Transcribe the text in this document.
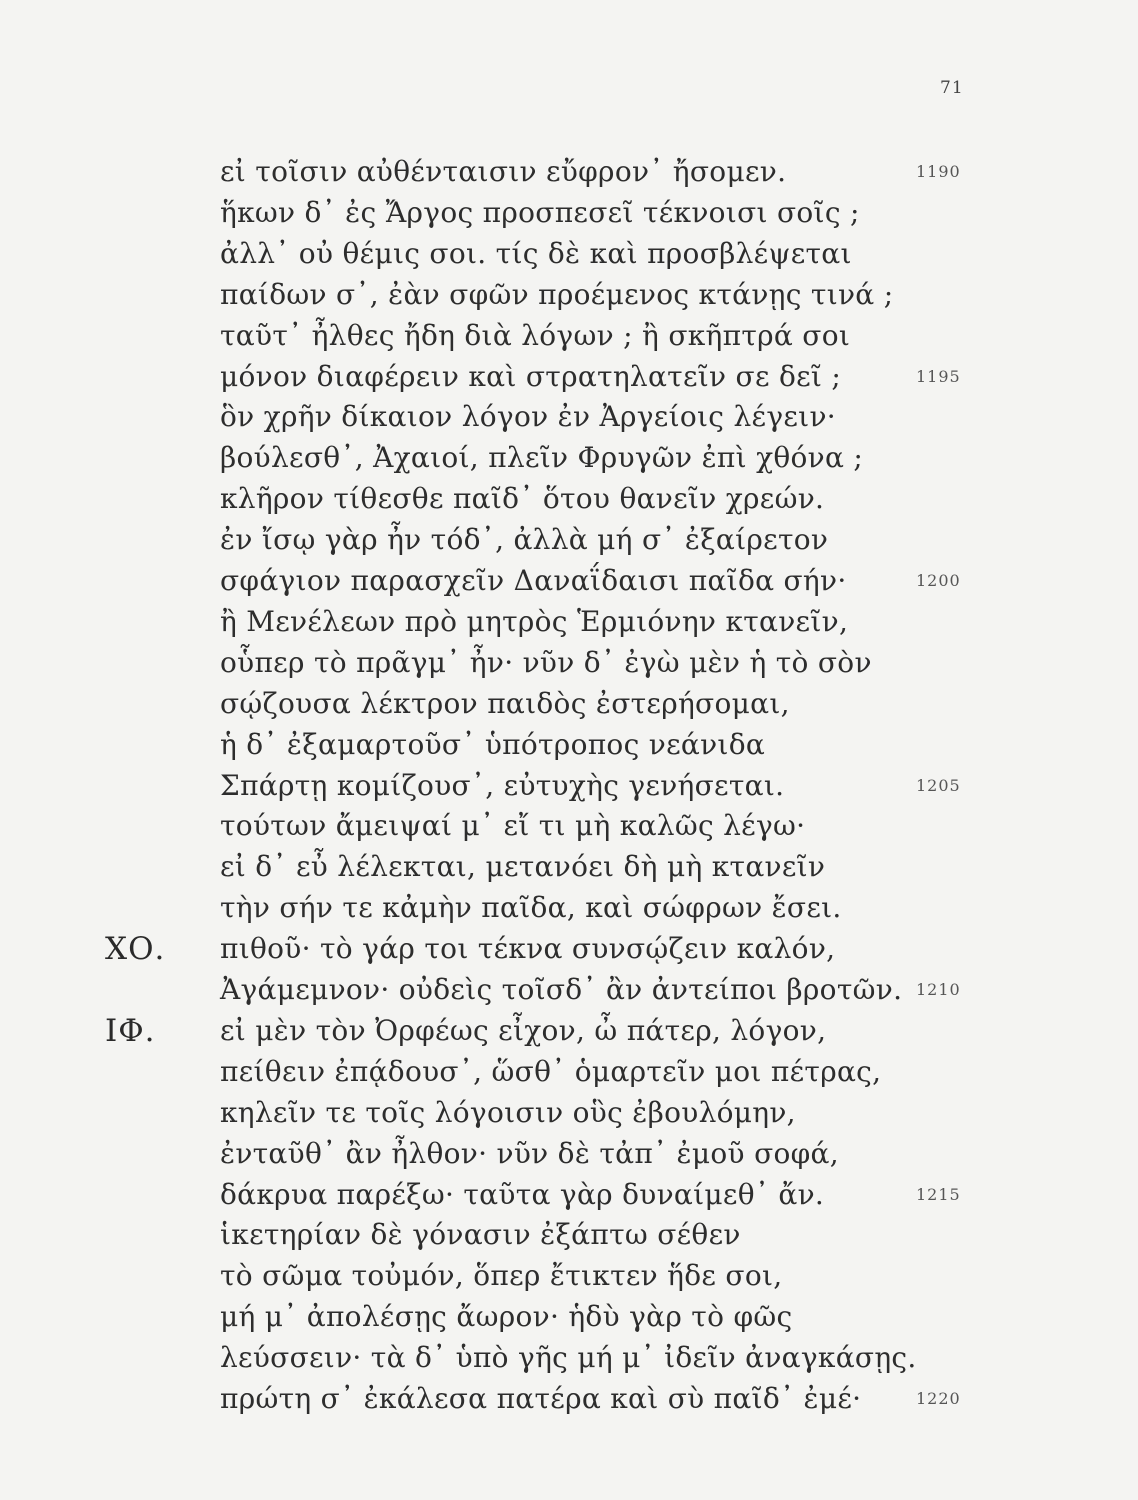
71
εἰ τοῖσιν αὐθένταισιν εὔφρον᾽ ἤσομεν.	1190
ἥκων δ᾽ ἐς Ἄργος προσπεσεῖ τέκνοισι σοῖς ;
ἀλλ᾽ οὐ θέμις σοι. τίς δὲ καὶ προσβλέψεται
παίδων σ᾽, ἐὰν σφῶν προέμενος κτάνῃς τινά ;
ταῦτ᾽ ἦλθες ἤδη διὰ λόγων ; ἢ σκῆπτρά σοι
μόνον διαφέρειν καὶ στρατηλατεῖν σε δεῖ ;	1195
ὃν χρῆν δίκαιον λόγον ἐν Ἀργείοις λέγειν·
βούλεσθ᾽, Ἀχαιοί, πλεῖν Φρυγῶν ἐπὶ χθόνα ;
κλῆρον τίθεσθε παῖδ᾽ ὅτου θανεῖν χρεών.
ἐν ἴσῳ γὰρ ἦν τόδ᾽, ἀλλὰ μή σ᾽ ἐξαίρετον
σφάγιον παρασχεῖν Δαναΐδαισι παῖδα σήν·	1200
ἢ Μενέλεων πρὸ μητρὸς Ἑρμιόνην κτανεῖν,
οὗπερ τὸ πρᾶγμ᾽ ἦν· νῦν δ᾽ ἐγὼ μὲν ἡ τὸ σὸν
σῴζουσα λέκτρον παιδὸς ἐστερήσομαι,
ἡ δ᾽ ἐξαμαρτοῦσ᾽ ὑπότροπος νεάνιδα
Σπάρτῃ κομίζουσ᾽, εὐτυχὴς γενήσεται.	1205
τούτων ἄμειψαί μ᾽ εἴ τι μὴ καλῶς λέγω·
εἰ δ᾽ εὖ λέλεκται, μετανόει δὴ μὴ κτανεῖν
τὴν σήν τε κἀμὴν παῖδα, καὶ σώφρων ἔσει.
ΧΟ. πιθοῦ· τὸ γάρ τοι τέκνα συνσῴζειν καλόν,
Ἀγάμεμνον· οὐδεὶς τοῖσδ᾽ ἂν ἀντείποι βροτῶν. 1210
ΙΦ. εἰ μὲν τὸν Ὀρφέως εἶχον, ὦ πάτερ, λόγον,
πείθειν ἐπᾴδουσ᾽, ὥσθ᾽ ὁμαρτεῖν μοι πέτρας,
κηλεῖν τε τοῖς λόγοισιν οὓς ἐβουλόμην,
ἐνταῦθ᾽ ἂν ἦλθον· νῦν δὲ τἀπ᾽ ἐμοῦ σοφά,
δάκρυα παρέξω· ταῦτα γὰρ δυναίμεθ᾽ ἄν.	1215
ἱκετηρίαν δὲ γόνασιν ἐξάπτω σέθεν
τὸ σῶμα τοὐμόν, ὅπερ ἔτικτεν ἥδε σοι,
μή μ᾽ ἀπολέσῃς ἄωρον· ἡδὺ γὰρ τὸ φῶς
λεύσσειν· τὰ δ᾽ ὑπὸ γῆς μή μ᾽ ἰδεῖν ἀναγκάσῃς.
πρώτη σ᾽ ἐκάλεσα πατέρα καὶ σὺ παῖδ᾽ ἐμέ·	1220
